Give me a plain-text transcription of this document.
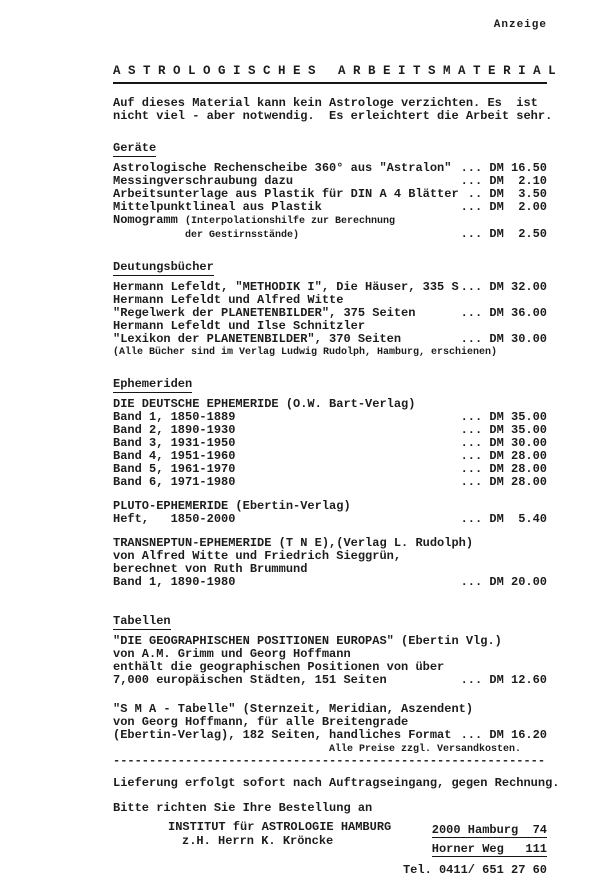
Anzeige
A S T R O L O G I S C H E S   A R B E I T S M A T E R I A L
Auf dieses Material kann kein Astrologe verzichten. Es  ist
nicht viel - aber notwendig.  Es erleichtert die Arbeit sehr.
Geräte
Astrologische Rechenscheibe 360° aus "Astralon" ... DM 16.50
Messingverschraubung dazu	... DM  2.10
Arbeitsunterlage aus Plastik für DIN A 4 Blätter .. DM  3.50
Mittelpunktlineal aus Plastik	... DM  2.00
Nomogramm (Interpolationshilfe zur Berechnung
der Gestirnsstände)	... DM  2.50
Deutungsbücher
Hermann Lefeldt, "METHODIK I", Die Häuser, 335 S ... DM 32.00
Hermann Lefeldt und Alfred Witte
"Regelwerk der PLANETENBILDER", 375 Seiten	... DM 36.00
Hermann Lefeldt und Ilse Schnitzler
"Lexikon der PLANETENBILDER", 370 Seiten	... DM 30.00
(Alle Bücher sind im Verlag Ludwig Rudolph, Hamburg, erschienen)
Ephemeriden
DIE DEUTSCHE EPHEMERIDE (O.W. Bart-Verlag)
Band 1, 1850-1889	... DM 35.00
Band 2, 1890-1930	... DM 35.00
Band 3, 1931-1950	... DM 30.00
Band 4, 1951-1960	... DM 28.00
Band 5, 1961-1970	... DM 28.00
Band 6, 1971-1980	... DM 28.00
PLUTO-EPHEMERIDE (Ebertin-Verlag)
Heft,   1850-2000	... DM  5.40
TRANSNEPTUN-EPHEMERIDE (T N E),(Verlag L. Rudolph)
von Alfred Witte und Friedrich Sieggrün,
berechnet von Ruth Brummund
Band 1, 1890-1980	... DM 20.00
Tabellen
"DIE GEOGRAPHISCHEN POSITIONEN EUROPAS" (Ebertin Vlg.)
von A.M. Grimm und Georg Hoffmann
enthält die geographischen Positionen von über
7,000 europäischen Städten, 151 Seiten	... DM 12.60
"S M A - Tabelle" (Sternzeit, Meridian, Aszendent)
von Georg Hoffmann, für alle Breitengrade
(Ebertin-Verlag), 182 Seiten, handliches Format ... DM 16.20
Alle Preise zzgl. Versandkosten.
------------------------------------------------------------
Lieferung erfolgt sofort nach Auftragseingang, gegen Rechnung.
Bitte richten Sie Ihre Bestellung an
INSTITUT für ASTROLOGIE HAMBURG
z.H. Herrn K. Kröncke
2000 Hamburg  74
Horner Weg   111
Tel. 0411/ 651 27 60
